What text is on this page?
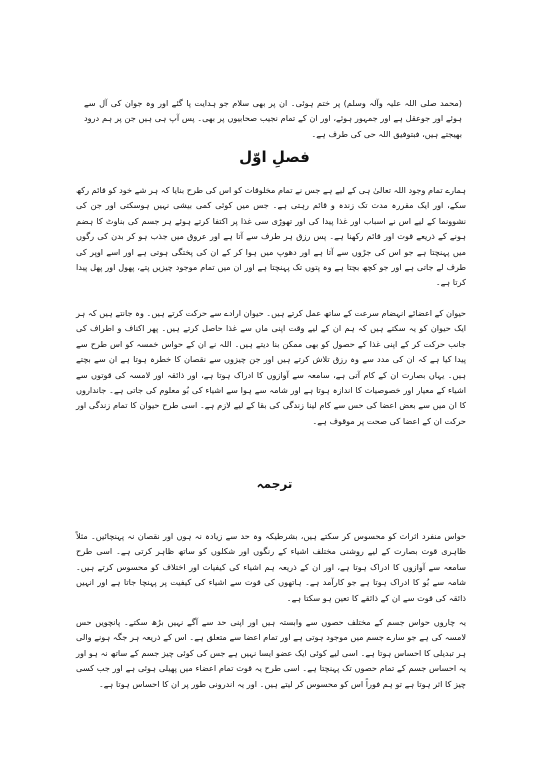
(محمد صلی اللہ علیہ وآلہ وسلم) پر ختم ہوئی۔ ان پر بھی سلام جو ہدایت پا گئے اور وہ جوان کی آل سے ہوئے اور جوعقل ہے اور جمہور ہوئے، اور ان کے تمام نجیب صحابیوں پر بھی۔ پس آپ ہی ہیں جن پر ہم درود بھیجتے ہیں، فبتوفیق اللہ حی کی طرف ہے۔

فصلِ اوّل

ہمارے تمام وجود اللہ تعالیٰ ہی کے لیے ہے جس نے تمام مخلوقات کو اس کی طرح بنایا کہ ہر شے خود کو قائم رکھ سکے، اور ایک مقررہ مدت تک زندہ و قائم رہتی ہے۔ جس میں کوئی کمی بیشی نہیں ہوسکتی اور جن کی نشوونما کے لیے اس نے اسباب اور غذا پیدا کی اور تھوڑی سی غذا پر اکتفا کرتے ہوئے ہر جسم کی بناوٹ کا ہضم ہونے کے ذریعے قوت اور قائم رکھنا ہے۔ پس رزق ہر طرف سے آتا ہے اور عروق میں جذب ہو کر بدن کی رگوں میں پہنچتا ہے جو اس کی جڑوں سے آتا ہے اور دھوپ میں ہوا کر کے ان کی پختگی ہوتی ہے اور اسے اوپر کی طرف لے جاتی ہے اور جو کچھ بچتا ہے وہ پتوں تک پہنچتا ہے اور ان میں تمام موجود چیزیں پتے، پھول اور پھل پیدا کرتا ہے۔

حیوان کے اعضائے انہضام سرعت کے ساتھ عمل کرتے ہیں۔ حیوان ارادے سے حرکت کرتے ہیں۔ وہ جانتے ہیں کہ ہر ایک حیوان کو یہ سکتے ہیں کہ ہم ان کے لیے وقت اپنی ماں سے غذا حاصل کرتے ہیں۔ پھر اکناف و اطراف کی جانب حرکت کر کے اپنی غذا کے حصول کو بھی ممکن بنا دیتے ہیں۔ اللہ نے ان کے حواس خمسہ کو اس طرح سے پیدا کیا ہے کہ ان کی مدد سے وہ رزق تلاش کرتے ہیں اور جن چیزوں سے نقصان کا خطرہ ہوتا ہے ان سے بچتے ہیں۔ یہاں بصارت ان کے کام آتی ہے، سامعہ سے آوازوں کا ادراک ہوتا ہے، اور ذائقہ اور لامسہ کی قوتوں سے اشیاء کے معیار اور خصوصیات کا اندازہ ہوتا ہے اور شامہ سے ہوا سے اشیاء کی بُو معلوم کی جاتی ہے۔ جانداروں کا ان میں سے بعض اعضا کی حس سے کام لینا زندگی کی بقا کے لیے لازم ہے۔ اسی طرح حیوان کا تمام زندگی اور حرکت ان کے اعضا کی صحت پر موقوف ہے۔

ترجمہ

حواس منفرد اثرات کو محسوس کر سکتے ہیں، بشرطیکہ وہ حد سے زیادہ نہ ہوں اور نقصان نہ پہنچائیں۔ مثلاً ظاہری قوت بصارت کے لیے روشنی مختلف اشیاء کے رنگوں اور شکلوں کو ساتھ ظاہر کرتی ہے۔ اسی طرح سامعہ سے آوازوں کا ادراک ہوتا ہے، اور ان کے ذریعہ ہم اشیاء کی کیفیات اور اختلاف کو محسوس کرتے ہیں۔ شامہ سے بُو کا ادراک ہوتا ہے جو کارآمد ہے۔ ہاتھوں کی قوت سے اشیاء کی کیفیت پر پہنچا جاتا ہے اور انہیں ذائقہ کی قوت سے ان کے ذائقے کا تعین ہو سکتا ہے۔

یہ چاروں حواس جسم کے مختلف حصوں سے وابستہ ہیں اور اپنی حد سے آگے نہیں بڑھ سکتے۔ پانچویں حس لامسہ کی ہے جو سارے جسم میں موجود ہوتی ہے اور تمام اعضا سے متعلق ہے۔ اس کے ذریعہ ہر جگہ ہونے والی ہر تبدیلی کا احساس ہوتا ہے۔ اسی لیے کوئی ایک عضو ایسا نہیں ہے جس کی کوئی چیز جسم کے ساتھ نہ ہو اور یہ احساس جسم کے تمام حصوں تک پہنچتا ہے۔ اسی طرح یہ قوت تمام اعضاء میں پھیلی ہوئی ہے اور جب کسی چیز کا اثر ہوتا ہے تو ہم فوراً اس کو محسوس کر لیتے ہیں۔ اور یہ اندرونی طور پر ان کا احساس ہوتا ہے۔
